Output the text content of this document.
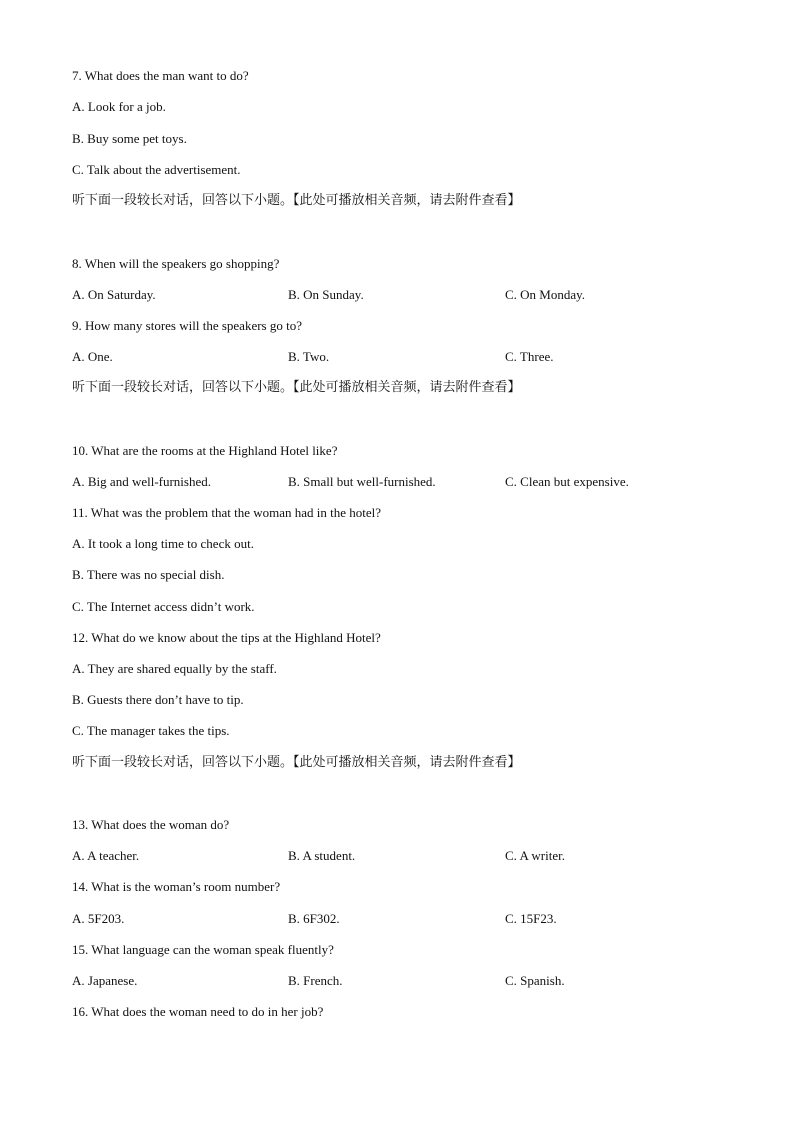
7. What does the man want to do?
A. Look for a job.
B. Buy some pet toys.
C. Talk about the advertisement.
听下面一段较长对话，回答以下小题。【此处可播放相关音频，请去附件查看】
8. When will the speakers go shopping?
A. On Saturday.	B. On Sunday.	C. On Monday.
9. How many stores will the speakers go to?
A. One.	B. Two.	C. Three.
听下面一段较长对话，回答以下小题。【此处可播放相关音频，请去附件查看】
10. What are the rooms at the Highland Hotel like?
A. Big and well-furnished.	B. Small but well-furnished.	C. Clean but expensive.
11. What was the problem that the woman had in the hotel?
A. It took a long time to check out.
B. There was no special dish.
C. The Internet access didn’t work.
12. What do we know about the tips at the Highland Hotel?
A. They are shared equally by the staff.
B. Guests there don’t have to tip.
C. The manager takes the tips.
听下面一段较长对话，回答以下小题。【此处可播放相关音频，请去附件查看】
13. What does the woman do?
A. A teacher.	B. A student.	C. A writer.
14. What is the woman’s room number?
A. 5F203.	B. 6F302.	C. 15F23.
15. What language can the woman speak fluently?
A. Japanese.	B. French.	C. Spanish.
16. What does the woman need to do in her job?
